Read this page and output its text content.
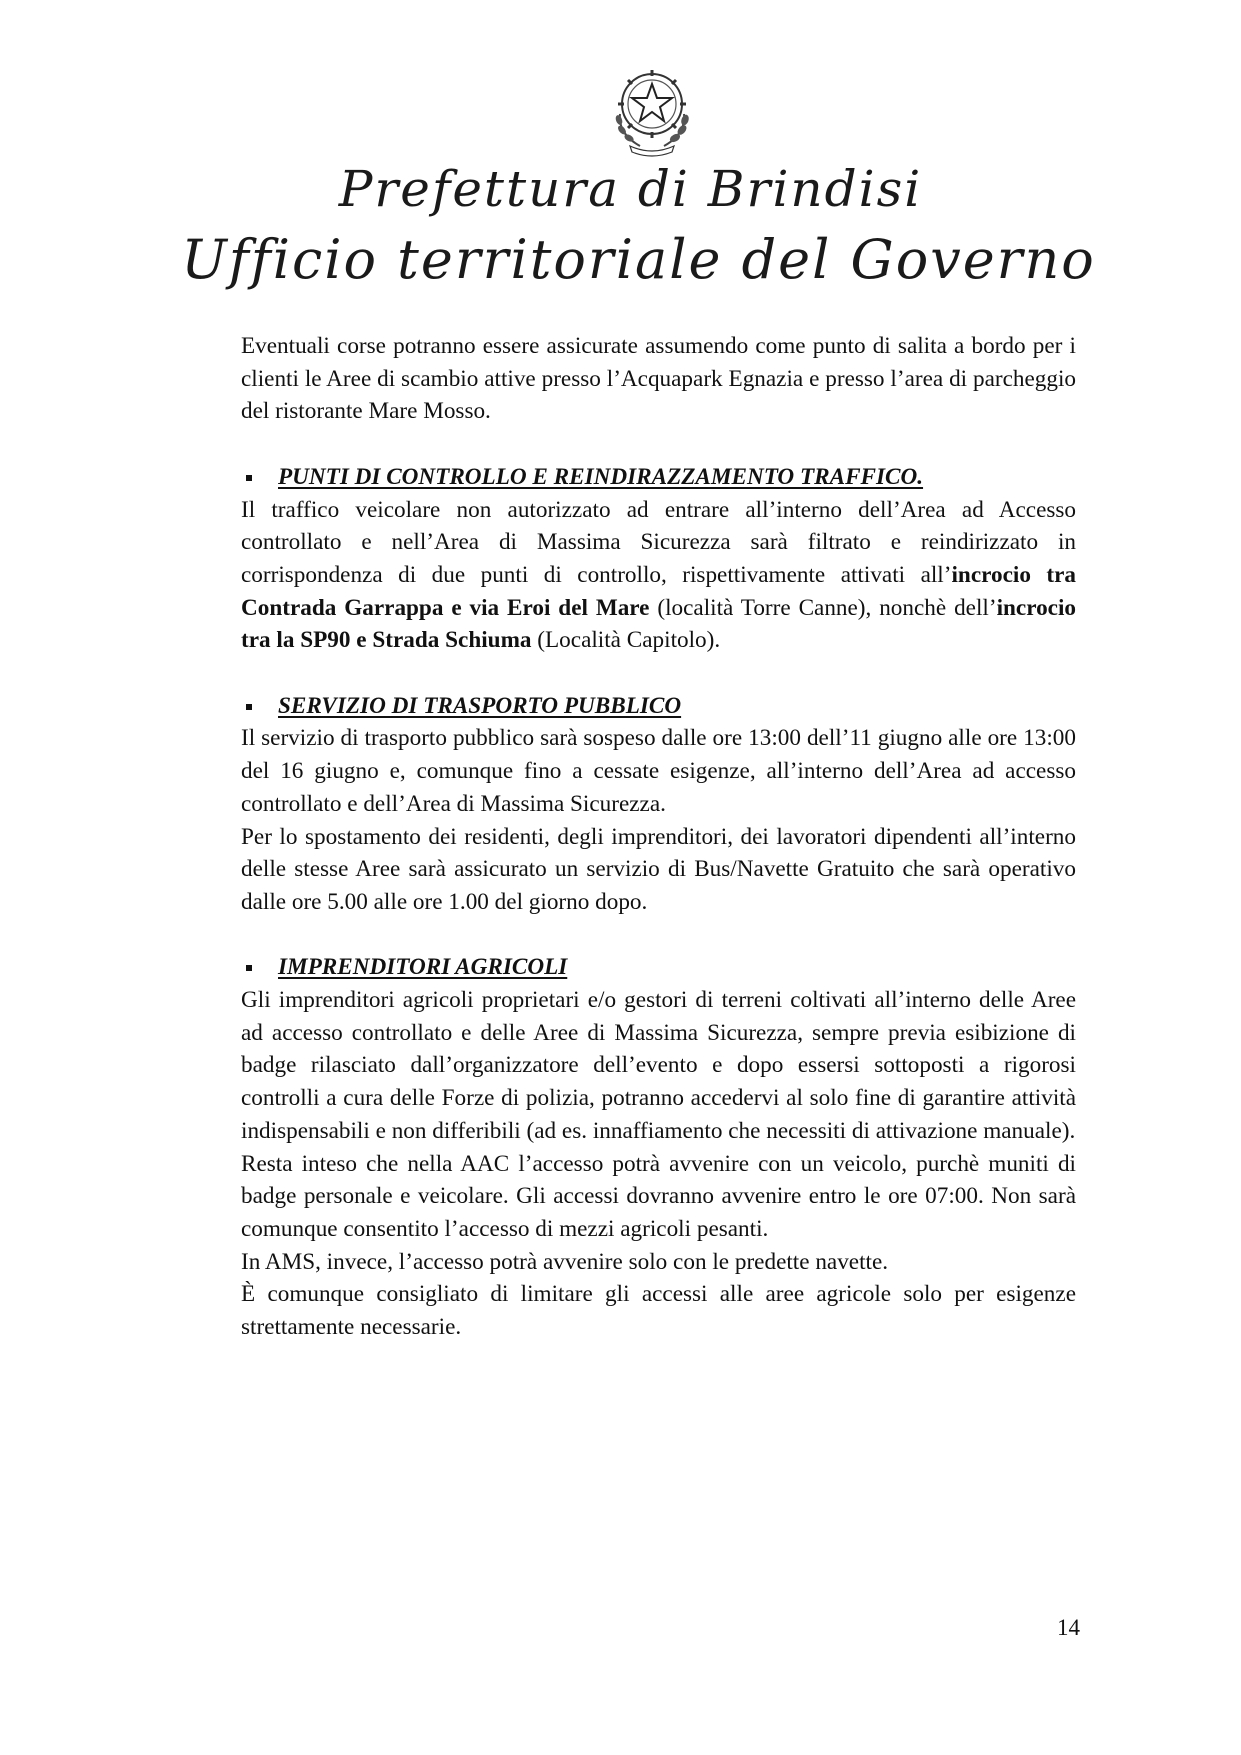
Prefettura di Brindisi
Ufficio territoriale del Governo

Eventuali corse potranno essere assicurate assumendo come punto di salita a bordo per i clienti le Aree di scambio attive presso l’Acquapark Egnazia e presso l’area di parcheggio del ristorante Mare Mosso.

PUNTI DI CONTROLLO E REINDIRAZZAMENTO TRAFFICO.

Il traffico veicolare non autorizzato ad entrare all’interno dell’Area ad Accesso controllato e nell’Area di Massima Sicurezza sarà filtrato e reindirizzato in corrispondenza di due punti di controllo, rispettivamente attivati all’incrocio tra Contrada Garrappa e via Eroi del Mare (località Torre Canne), nonchè dell’incrocio tra la SP90 e Strada Schiuma (Località Capitolo).

SERVIZIO DI TRASPORTO PUBBLICO

Il servizio di trasporto pubblico sarà sospeso dalle ore 13:00 dell’11 giugno alle ore 13:00 del 16 giugno e, comunque fino a cessate esigenze, all’interno dell’Area ad accesso controllato e dell’Area di Massima Sicurezza.

Per lo spostamento dei residenti, degli imprenditori, dei lavoratori dipendenti all’interno delle stesse Aree sarà assicurato un servizio di Bus/Navette Gratuito che sarà operativo dalle ore 5.00 alle ore 1.00 del giorno dopo.

IMPRENDITORI AGRICOLI

Gli imprenditori agricoli proprietari e/o gestori di terreni coltivati all’interno delle Aree ad accesso controllato e delle Aree di Massima Sicurezza, sempre previa esibizione di badge rilasciato dall’organizzatore dell’evento e dopo essersi sottoposti a rigorosi controlli a cura delle Forze di polizia, potranno accedervi al solo fine di garantire attività indispensabili e non differibili (ad es. innaffiamento che necessiti di attivazione manuale).

Resta inteso che nella AAC l’accesso potrà avvenire con un veicolo, purchè muniti di badge personale e veicolare. Gli accessi dovranno avvenire entro le ore 07:00. Non sarà comunque consentito l’accesso di mezzi agricoli pesanti.

In AMS, invece, l’accesso potrà avvenire solo con le predette navette.

È comunque consigliato di limitare gli accessi alle aree agricole solo per esigenze strettamente necessarie.

14
